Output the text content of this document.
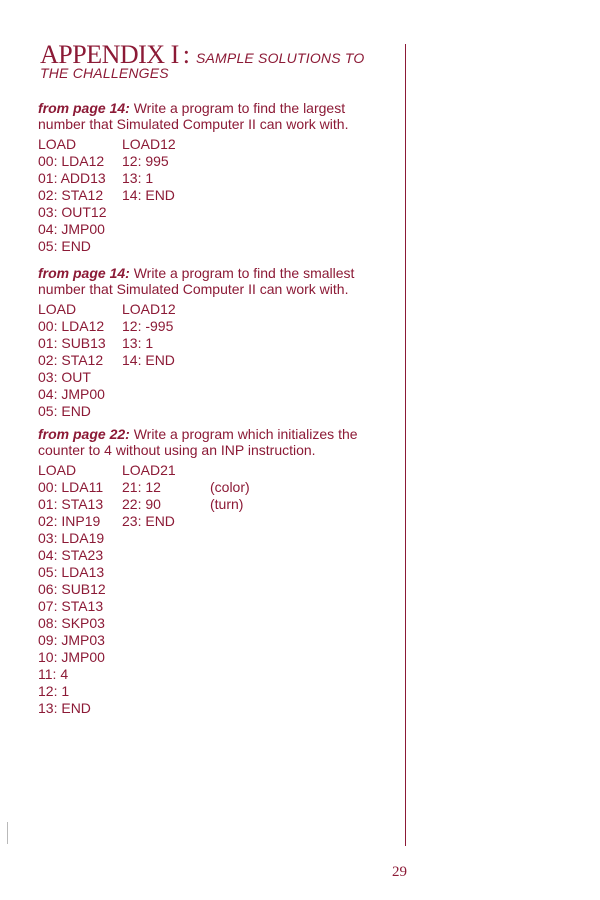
APPENDIX I : SAMPLE SOLUTIONS TO
THE CHALLENGES

from page 14: Write a program to find the largest
number that Simulated Computer II can work with.

LOAD	LOAD12
00: LDA12	12: 995
01: ADD13	13: 1
02: STA12	14: END
03: OUT12
04: JMP00
05: END

from page 14: Write a program to find the smallest
number that Simulated Computer II can work with.

LOAD	LOAD12
00: LDA12	12: -995
01: SUB13	13: 1
02: STA12	14: END
03: OUT
04: JMP00
05: END

from page 22: Write a program which initializes the
counter to 4 without using an INP instruction.

LOAD	LOAD21
00: LDA11	21: 12	(color)
01: STA13	22: 90	(turn)
02: INP19	23: END
03: LDA19
04: STA23
05: LDA13
06: SUB12
07: STA13
08: SKP03
09: JMP03
10: JMP00
11: 4
12: 1
13: END
29
